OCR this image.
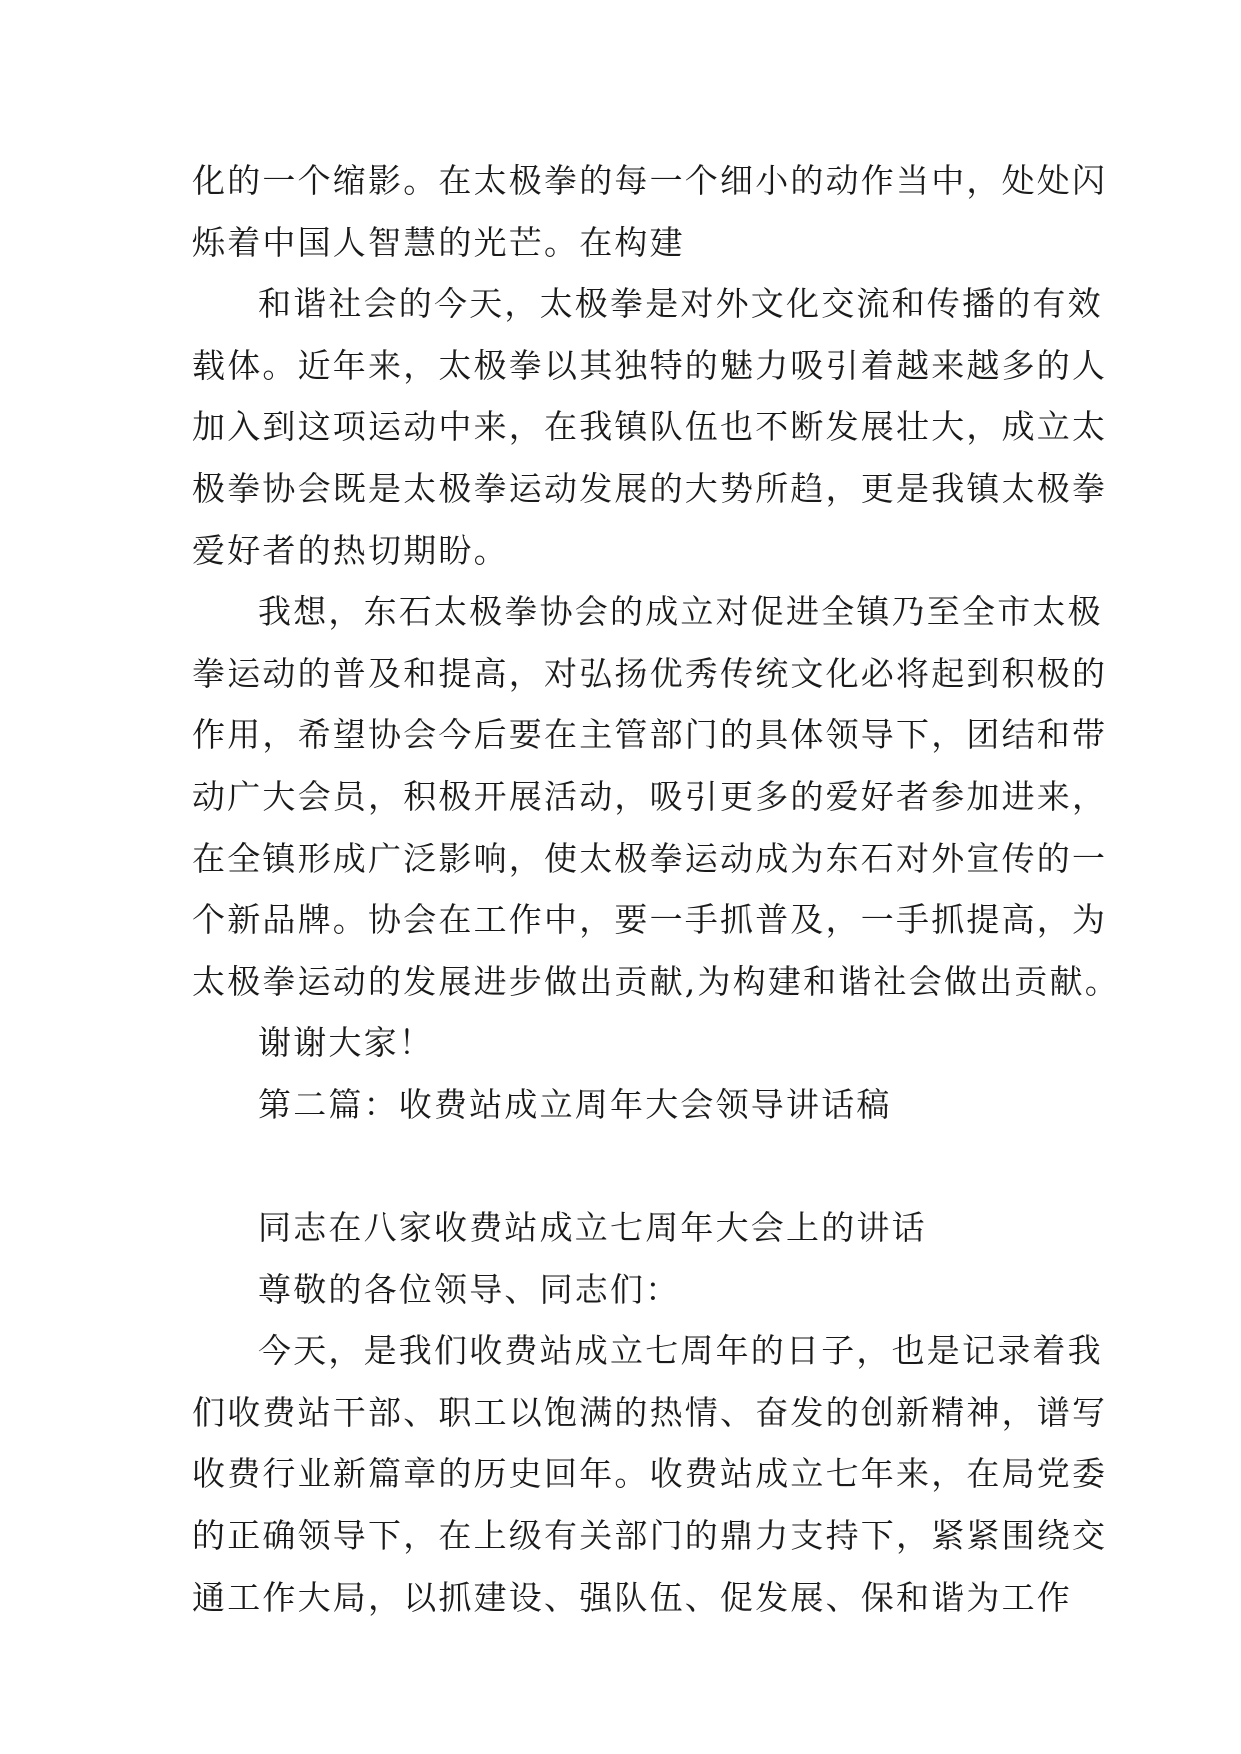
化的一个缩影。在太极拳的每一个细小的动作当中，处处闪
烁着中国人智慧的光芒。在构建
和谐社会的今天，太极拳是对外文化交流和传播的有效
载体。近年来，太极拳以其独特的魅力吸引着越来越多的人
加入到这项运动中来，在我镇队伍也不断发展壮大，成立太
极拳协会既是太极拳运动发展的大势所趋，更是我镇太极拳
爱好者的热切期盼。
我想，东石太极拳协会的成立对促进全镇乃至全市太极
拳运动的普及和提高，对弘扬优秀传统文化必将起到积极的
作用，希望协会今后要在主管部门的具体领导下，团结和带
动广大会员，积极开展活动，吸引更多的爱好者参加进来，
在全镇形成广泛影响，使太极拳运动成为东石对外宣传的一
个新品牌。协会在工作中，要一手抓普及，一手抓提高，为
太极拳运动的发展进步做出贡献,为构建和谐社会做出贡献。
谢谢大家！
第二篇：收费站成立周年大会领导讲话稿
同志在八家收费站成立七周年大会上的讲话
尊敬的各位领导、同志们：
今天，是我们收费站成立七周年的日子，也是记录着我
们收费站干部、职工以饱满的热情、奋发的创新精神，谱写
收费行业新篇章的历史回年。收费站成立七年来，在局党委
的正确领导下，在上级有关部门的鼎力支持下，紧紧围绕交
通工作大局，以抓建设、强队伍、促发展、保和谐为工作
